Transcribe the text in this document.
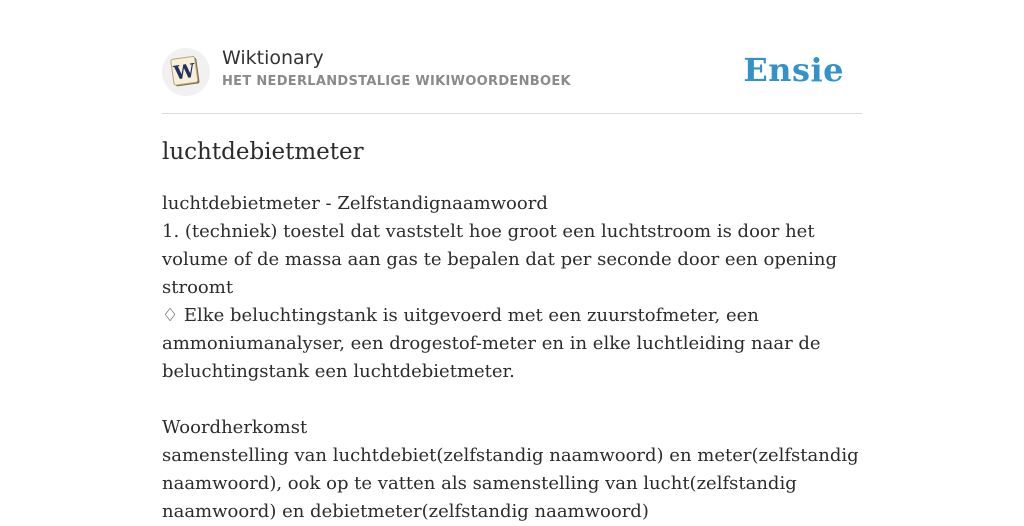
W
Wiktionary
HET NEDERLANDSTALIGE WIKIWOORDENBOEK	Ensie
luchtdebietmeter

luchtdebietmeter - Zelfstandignaamwoord

1. (techniek) toestel dat vaststelt hoe groot een luchtstroom is door het volume of de massa aan gas te bepalen dat per seconde door een opening stroomt

♢ Elke beluchtingstank is uitgevoerd met een zuurstofmeter, een ammoniumanalyser, een drogestof-meter en in elke luchtleiding naar de beluchtingstank een luchtdebietmeter.

Woordherkomst

samenstelling van luchtdebiet(zelfstandig naamwoord) en meter(zelfstandig naamwoord), ook op te vatten als samenstelling van lucht(zelfstandig naamwoord) en debietmeter(zelfstandig naamwoord)
